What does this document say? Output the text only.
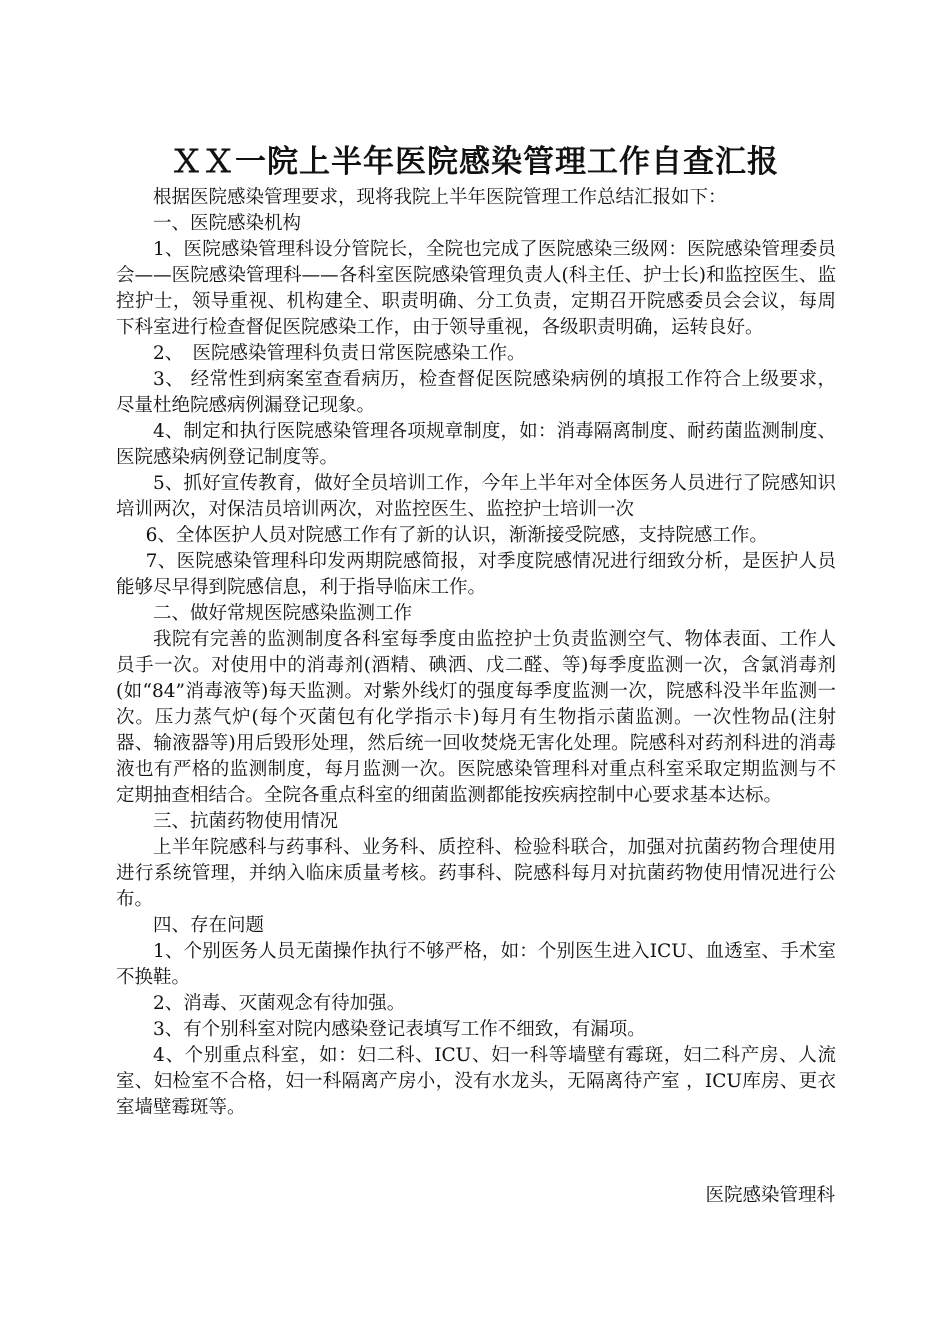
ＸＸ一院上半年医院感染管理工作自查汇报

根据医院感染管理要求，现将我院上半年医院管理工作总结汇报如下：

一、医院感染机构

1、医院感染管理科设分管院长，全院也完成了医院感染三级网：医院感染管理委员会——医院感染管理科——各科室医院感染管理负责人(科主任、护士长)和监控医生、监控护士，领导重视、机构建全、职责明确、分工负责，定期召开院感委员会会议，每周下科室进行检查督促医院感染工作，由于领导重视，各级职责明确，运转良好。

2、　医院感染管理科负责日常医院感染工作。

3、 经常性到病案室查看病历，检查督促医院感染病例的填报工作符合上级要求，尽量杜绝院感病例漏登记现象。

4、制定和执行医院感染管理各项规章制度，如：消毒隔离制度、耐药菌监测制度、医院感染病例登记制度等。

5、抓好宣传教育，做好全员培训工作，今年上半年对全体医务人员进行了院感知识培训两次，对保洁员培训两次，对监控医生、监控护士培训一次

6、全体医护人员对院感工作有了新的认识，渐渐接受院感，支持院感工作。

7、医院感染管理科印发两期院感简报，对季度院感情况进行细致分析，是医护人员能够尽早得到院感信息，利于指导临床工作。

二、做好常规医院感染监测工作

我院有完善的监测制度各科室每季度由监控护士负责监测空气、物体表面、工作人员手一次。对使用中的消毒剂(酒精、碘洒、戊二醛、等)每季度监测一次，含氯消毒剂(如“84”消毒液等)每天监测。对紫外线灯的强度每季度监测一次，院感科没半年监测一次。压力蒸气炉(每个灭菌包有化学指示卡)每月有生物指示菌监测。一次性物品(注射器、输液器等)用后毁形处理，然后统一回收焚烧无害化处理。院感科对药剂科进的消毒液也有严格的监测制度，每月监测一次。医院感染管理科对重点科室采取定期监测与不定期抽查相结合。全院各重点科室的细菌监测都能按疾病控制中心要求基本达标。

三、抗菌药物使用情况

上半年院感科与药事科、业务科、质控科、检验科联合，加强对抗菌药物合理使用进行系统管理，并纳入临床质量考核。药事科、院感科每月对抗菌药物使用情况进行公布。

四、存在问题

1、个别医务人员无菌操作执行不够严格，如：个别医生进入ICU、血透室、手术室不换鞋。

2、消毒、灭菌观念有待加强。

3、有个别科室对院内感染登记表填写工作不细致，有漏项。

4、个别重点科室，如：妇二科、ICU、妇一科等墙壁有霉斑，妇二科产房、人流室、妇检室不合格，妇一科隔离产房小，没有水龙头，无隔离待产室 ，ICU库房、更衣室墙壁霉斑等。

医院感染管理科
